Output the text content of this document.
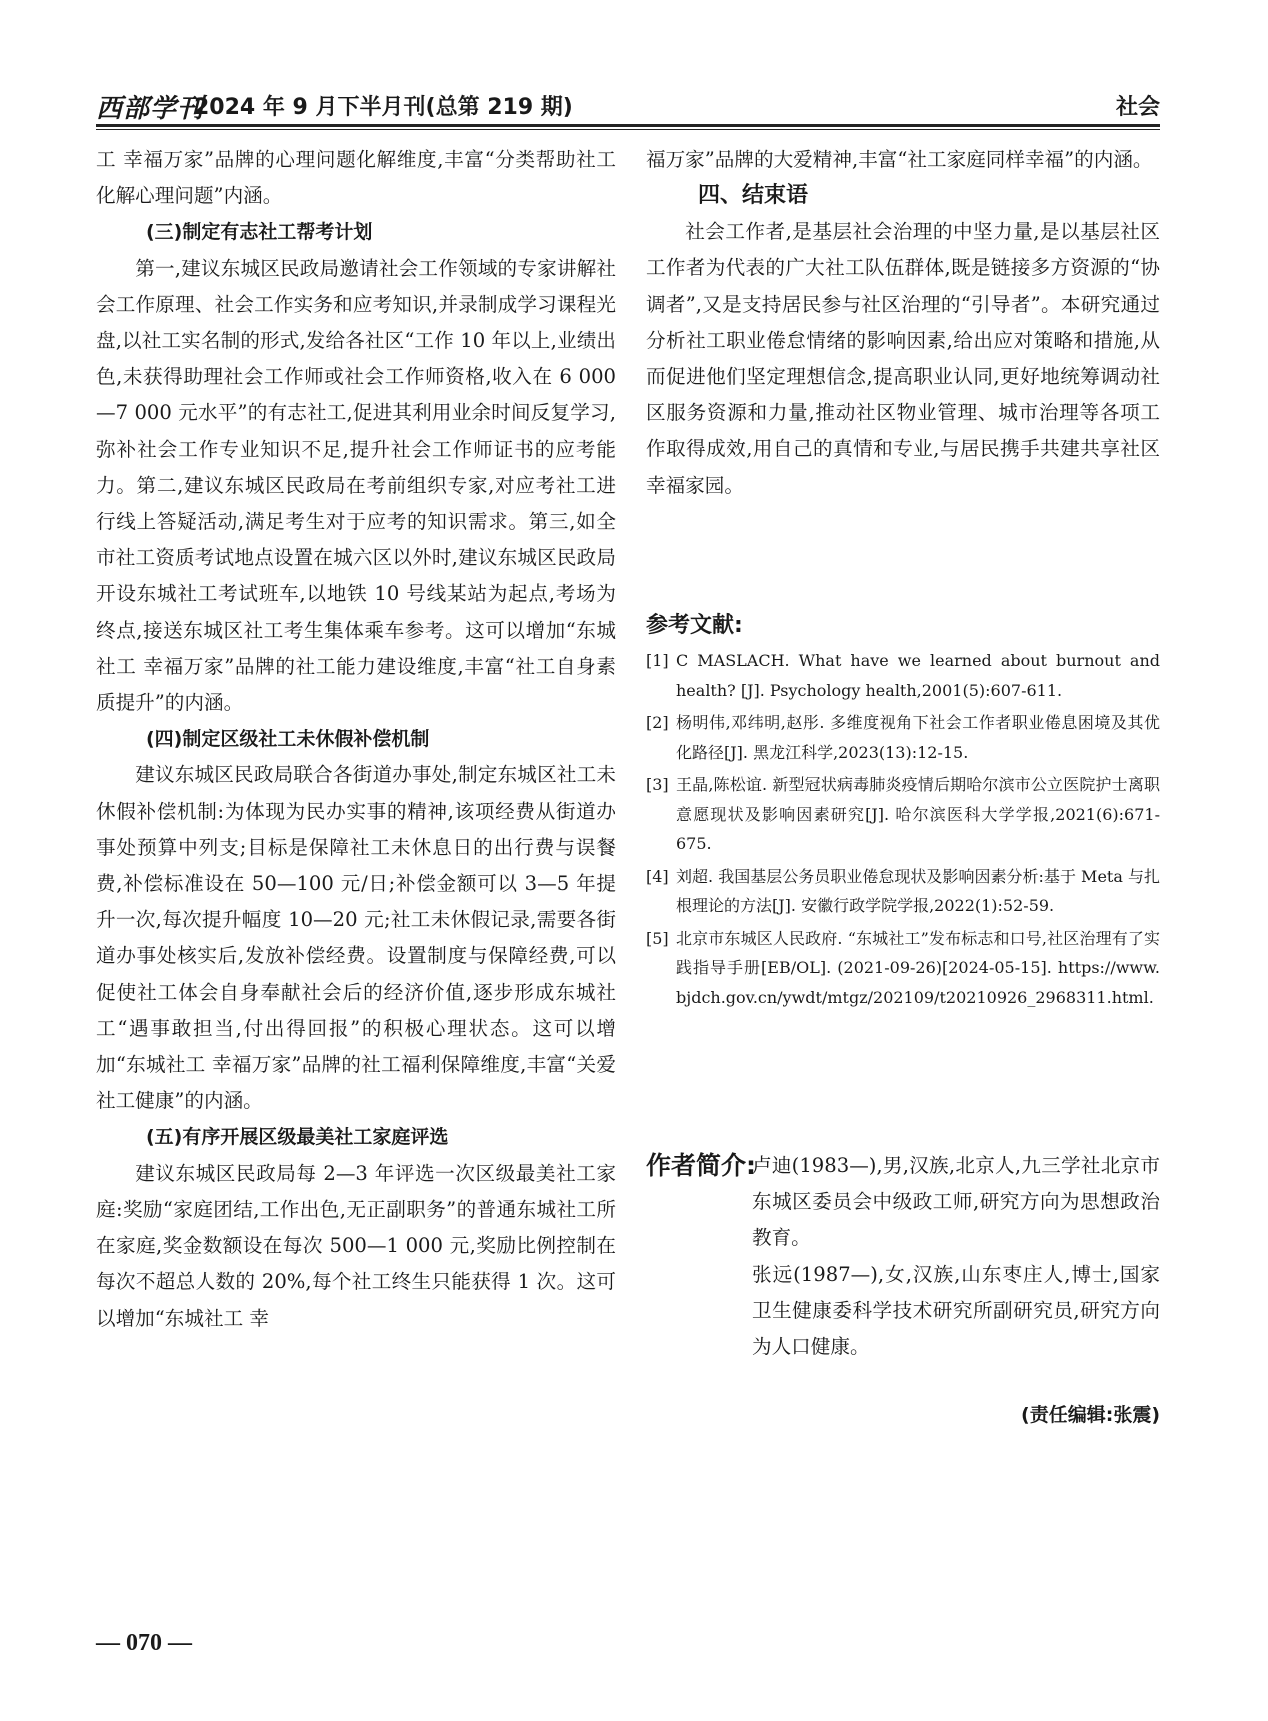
西部学刊
2024 年 9 月下半月刊(总第 219 期)	社会

工 幸福万家”品牌的心理问题化解维度,丰富“分类帮助社工化解心理问题”内涵。

(三)制定有志社工帮考计划

第一,建议东城区民政局邀请社会工作领域的专家讲解社会工作原理、社会工作实务和应考知识,并录制成学习课程光盘,以社工实名制的形式,发给各社区“工作 10 年以上,业绩出色,未获得助理社会工作师或社会工作师资格,收入在 6 000—7 000 元水平”的有志社工,促进其利用业余时间反复学习,弥补社会工作专业知识不足,提升社会工作师证书的应考能力。第二,建议东城区民政局在考前组织专家,对应考社工进行线上答疑活动,满足考生对于应考的知识需求。第三,如全市社工资质考试地点设置在城六区以外时,建议东城区民政局开设东城社工考试班车,以地铁 10 号线某站为起点,考场为终点,接送东城区社工考生集体乘车参考。这可以增加“东城社工 幸福万家”品牌的社工能力建设维度,丰富“社工自身素质提升”的内涵。

(四)制定区级社工未休假补偿机制

建议东城区民政局联合各街道办事处,制定东城区社工未休假补偿机制:为体现为民办实事的精神,该项经费从街道办事处预算中列支;目标是保障社工未休息日的出行费与误餐费,补偿标准设在 50—100 元/日;补偿金额可以 3—5 年提升一次,每次提升幅度 10—20 元;社工未休假记录,需要各街道办事处核实后,发放补偿经费。设置制度与保障经费,可以促使社工体会自身奉献社会后的经济价值,逐步形成东城社工“遇事敢担当,付出得回报”的积极心理状态。这可以增加“东城社工 幸福万家”品牌的社工福利保障维度,丰富“关爱社工健康”的内涵。

(五)有序开展区级最美社工家庭评选

建议东城区民政局每 2—3 年评选一次区级最美社工家庭:奖励“家庭团结,工作出色,无正副职务”的普通东城社工所在家庭,奖金数额设在每次 500—1 000 元,奖励比例控制在每次不超总人数的 20%,每个社工终生只能获得 1 次。这可以增加“东城社工 幸

福万家”品牌的大爱精神,丰富“社工家庭同样幸福”的内涵。

四、结束语

社会工作者,是基层社会治理的中坚力量,是以基层社区工作者为代表的广大社工队伍群体,既是链接多方资源的“协调者”,又是支持居民参与社区治理的“引导者”。本研究通过分析社工职业倦怠情绪的影响因素,给出应对策略和措施,从而促进他们坚定理想信念,提高职业认同,更好地统筹调动社区服务资源和力量,推动社区物业管理、城市治理等各项工作取得成效,用自己的真情和专业,与居民携手共建共享社区幸福家园。

参考文献:
[1] C MASLACH. What have we learned about burnout and health? [J]. Psychology health,2001(5):607-611.
[2] 杨明伟,邓纬明,赵彤. 多维度视角下社会工作者职业倦息困境及其优化路径[J]. 黑龙江科学,2023(13):12-15.
[3] 王晶,陈松谊. 新型冠状病毒肺炎疫情后期哈尔滨市公立医院护士离职意愿现状及影响因素研究[J]. 哈尔滨医科大学学报,2021(6):671-675.
[4] 刘超. 我国基层公务员职业倦怠现状及影响因素分析:基于 Meta 与扎根理论的方法[J]. 安徽行政学院学报,2022(1):52-59.
[5] 北京市东城区人民政府. “东城社工”发布标志和口号,社区治理有了实践指导手册[EB/OL]. (2021-09-26)[2024-05-15]. https://www.bjdch.gov.cn/ywdt/mtgz/202109/t20210926_2968311.html.
作者简介:

卢迪(1983—),男,汉族,北京人,九三学社北京市东城区委员会中级政工师,研究方向为思想政治教育。

张远(1987—),女,汉族,山东枣庄人,博士,国家卫生健康委科学技术研究所副研究员,研究方向为人口健康。

(责任编辑:张震)
— 070 —
